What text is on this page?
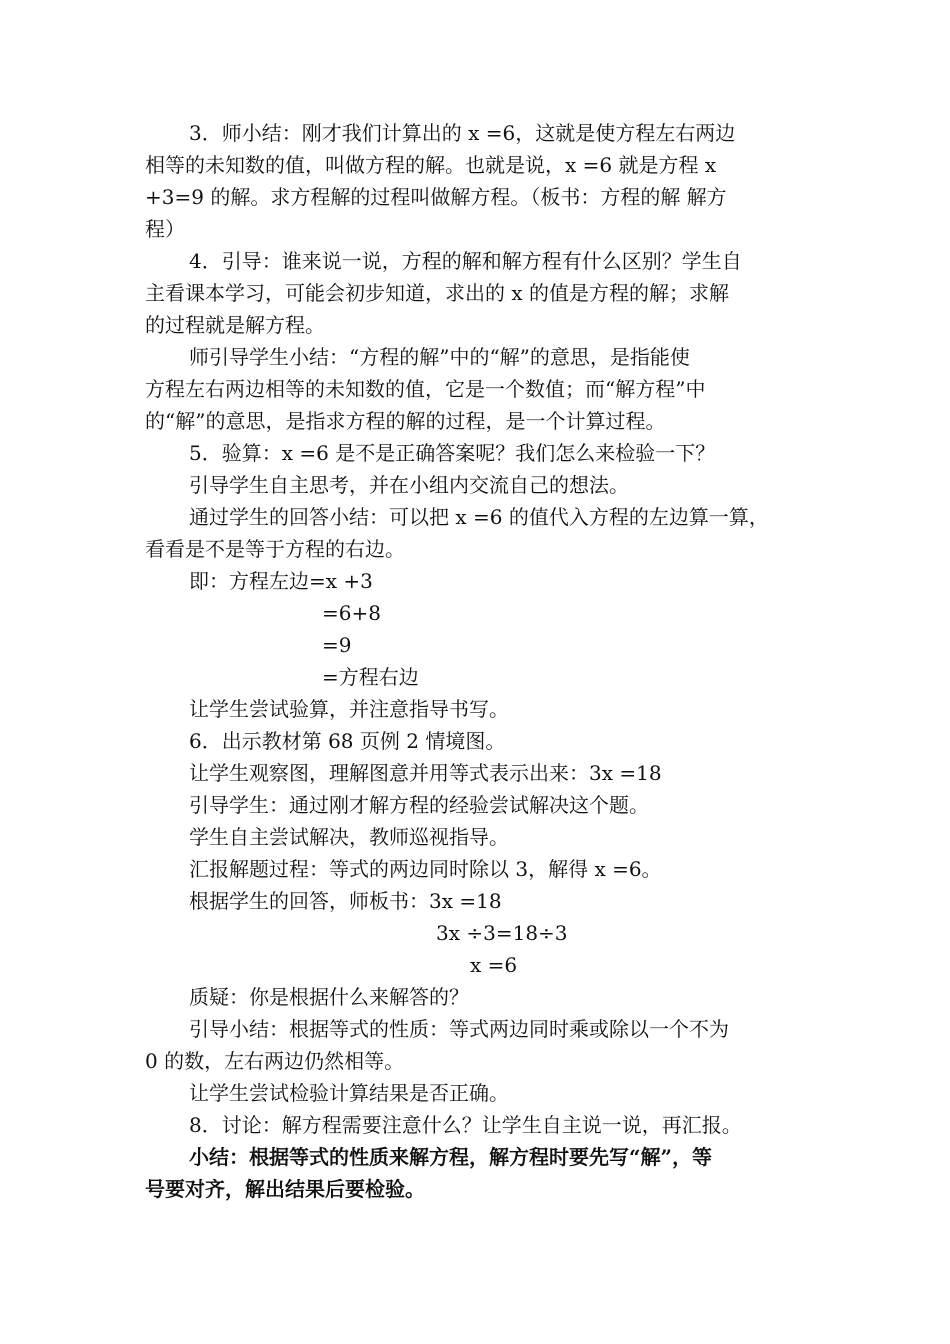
3．师小结：刚才我们计算出的 x =6，这就是使方程左右两边
相等的未知数的值，叫做方程的解。也就是说，x =6 就是方程 x
+3=9 的解。求方程解的过程叫做解方程。（板书：方程的解 解方
程）
4．引导：谁来说一说，方程的解和解方程有什么区别？学生自
主看课本学习，可能会初步知道，求出的 x 的值是方程的解；求解
的过程就是解方程。
师引导学生小结：“方程的解”中的“解”的意思，是指能使
方程左右两边相等的未知数的值，它是一个数值；而“解方程”中
的“解”的意思，是指求方程的解的过程，是一个计算过程。
5．验算：x =6 是不是正确答案呢？我们怎么来检验一下？
引导学生自主思考，并在小组内交流自己的想法。
通过学生的回答小结：可以把 x =6 的值代入方程的左边算一算，
看看是不是等于方程的右边。
即：方程左边=x +3
=6+8
=9
=方程右边
让学生尝试验算，并注意指导书写。
6．出示教材第 68 页例 2 情境图。
让学生观察图，理解图意并用等式表示出来：3x =18
引导学生：通过刚才解方程的经验尝试解决这个题。
学生自主尝试解决，教师巡视指导。
汇报解题过程：等式的两边同时除以 3，解得 x =6。
根据学生的回答，师板书：3x =18
3x ÷3=18÷3
x =6
质疑：你是根据什么来解答的？
引导小结：根据等式的性质：等式两边同时乘或除以一个不为
0 的数，左右两边仍然相等。
让学生尝试检验计算结果是否正确。
8．讨论：解方程需要注意什么？让学生自主说一说，再汇报。
小结：根据等式的性质来解方程，解方程时要先写“解”，等
号要对齐，解出结果后要检验。
